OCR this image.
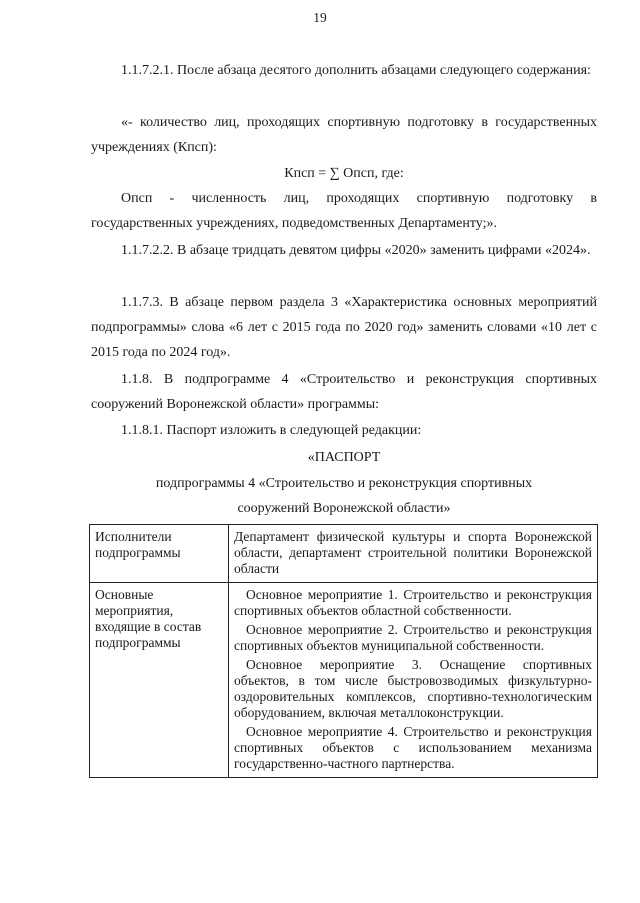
19
1.1.7.2.1. После абзаца десятого дополнить абзацами следующего содержания:
«- количество лиц, проходящих спортивную подготовку в государственных учреждениях (Кпсп):
Кпсп = ∑ Опсп, где:
Опсп - численность лиц, проходящих спортивную подготовку в государственных учреждениях, подведомственных Департаменту;».
1.1.7.2.2. В абзаце тридцать девятом цифры «2020» заменить цифрами «2024».
1.1.7.3. В абзаце первом раздела 3 «Характеристика основных мероприятий подпрограммы» слова «6 лет с 2015 года по 2020 год» заменить словами «10 лет с 2015 года по 2024 год».
1.1.8. В подпрограмме 4 «Строительство и реконструкция спортивных сооружений Воронежской области» программы:
1.1.8.1. Паспорт изложить в следующей редакции:
«ПАСПОРТ
подпрограммы 4 «Строительство и реконструкция спортивных
сооружений Воронежской области»
Исполнители подпрограммы	Департамент физической культуры и спорта Воронежской области, департамент строительной политики Воронежской области
Основные мероприятия, входящие в состав подпрограммы	Основное мероприятие 1. Строительство и реконструкция спортивных объектов областной собственности.

Основное мероприятие 2. Строительство и реконструкция спортивных объектов муниципальной собственности.

Основное мероприятие 3. Оснащение спортивных объектов, в том числе быстровозводимых физкультурно-оздоровительных комплексов, спортивно-технологическим оборудованием, включая металлоконструкции.

Основное мероприятие 4. Строительство и реконструкция спортивных объектов с использованием механизма государственно-частного партнерства.
